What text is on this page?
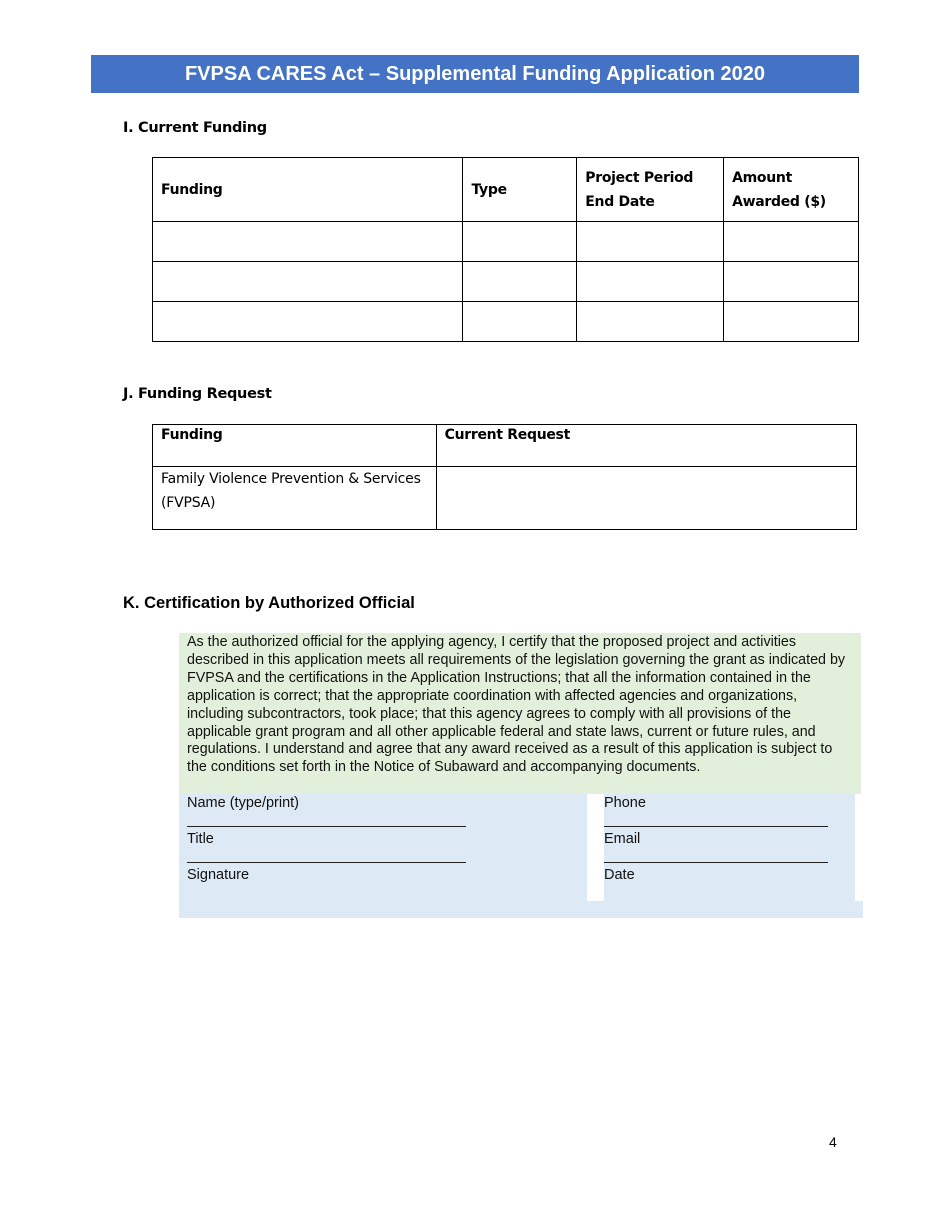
FVPSA CARES Act – Supplemental Funding Application 2020
I. Current Funding
Funding	Type	Project Period End Date	Amount Awarded ($)

J. Funding Request
Funding	Current Request
Family Violence Prevention & Services (FVPSA)	
K. Certification by Authorized Official
As the authorized official for the applying agency, I certify that the proposed project and activities described in this application meets all requirements of the legislation governing the grant as indicated by FVPSA and the certifications in the Application Instructions; that all the information contained in the application is correct; that the appropriate coordination with affected agencies and organizations, including subcontractors, took place; that this agency agrees to comply with all provisions of the applicable grant program and all other applicable federal and state laws, current or future rules, and regulations. I understand and agree that any award received as a result of this application is subject to the conditions set forth in the Notice of Subaward and accompanying documents.
Name (type/print)
Title
Signature
Phone
Email
Date
4
